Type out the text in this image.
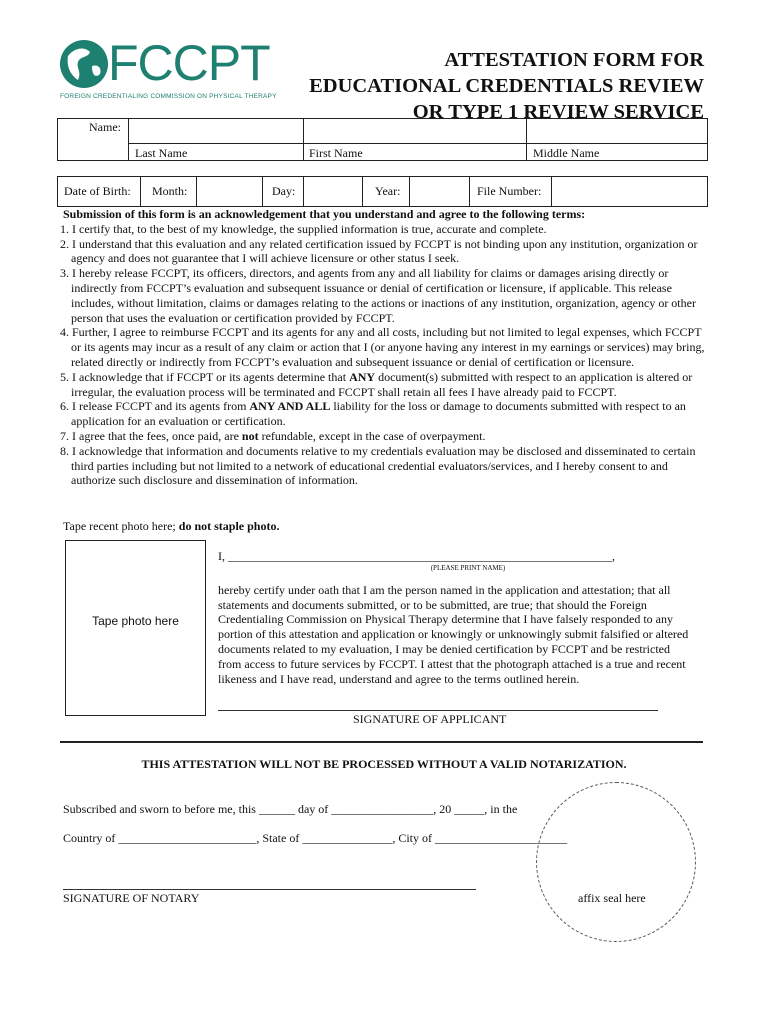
FCCPT
FOREIGN CREDENTIALING COMMISSION ON PHYSICAL THERAPY
ATTESTATION FORM FOR
EDUCATIONAL CREDENTIALS REVIEW
OR TYPE 1 REVIEW SERVICE
Name:
Last Name	First Name	Middle Name
Date of Birth: Month:	Day:	Year:	File Number:

Submission of this form is an acknowledgement that you understand and agree to the following terms:

1. I certify that, to the best of my knowledge, the supplied information is true, accurate and complete.

2. I understand that this evaluation and any related certification issued by FCCPT is not binding upon any institution, organization or agency and does not guarantee that I will achieve licensure or other status I seek.

3. I hereby release FCCPT, its officers, directors, and agents from any and all liability for claims or damages arising directly or indirectly from FCCPT’s evaluation and subsequent issuance or denial of certification or licensure, if applicable. This release includes, without limitation, claims or damages relating to the actions or inactions of any institution, organization, agency or other person that uses the evaluation or certification provided by FCCPT.

4. Further, I agree to reimburse FCCPT and its agents for any and all costs, including but not limited to legal expenses, which FCCPT or its agents may incur as a result of any claim or action that I (or anyone having any interest in my earnings or services) may bring, related directly or indirectly from FCCPT’s evaluation and subsequent issuance or denial of certification or licensure.

5. I acknowledge that if FCCPT or its agents determine that ANY document(s) submitted with respect to an application is altered or irregular, the evaluation process will be terminated and FCCPT shall retain all fees I have already paid to FCCPT.

6. I release FCCPT and its agents from ANY AND ALL liability for the loss or damage to documents submitted with respect to an application for an evaluation or certification.

7. I agree that the fees, once paid, are not refundable, except in the case of overpayment.

8. I acknowledge that information and documents relative to my credentials evaluation may be disclosed and disseminated to certain third parties including but not limited to a network of educational credential evaluators/services, and I hereby consent to and authorize such disclosure and dissemination of information.

Tape recent photo here; do not staple photo.
Tape photo here
I, ________________________________________________________________,
(PLEASE PRINT NAME)
hereby certify under oath that I am the person named in the application and attestation; that all statements and documents submitted, or to be submitted, are true; that should the Foreign Credentialing Commission on Physical Therapy determine that I have falsely responded to any portion of this attestation and application or knowingly or unknowingly submit falsified or altered documents related to my evaluation, I may be denied certification by FCCPT and be restricted from access to future services by FCCPT. I attest that the photograph attached is a true and recent likeness and I have read, understand and agree to the terms outlined herein.
SIGNATURE OF APPLICANT
THIS ATTESTATION WILL NOT BE PROCESSED WITHOUT A VALID NOTARIZATION.
Subscribed and sworn to before me, this ______ day of _________________, 20 _____, in the
Country of _______________________, State of _______________, City of ______________________
SIGNATURE OF NOTARY	affix seal here
